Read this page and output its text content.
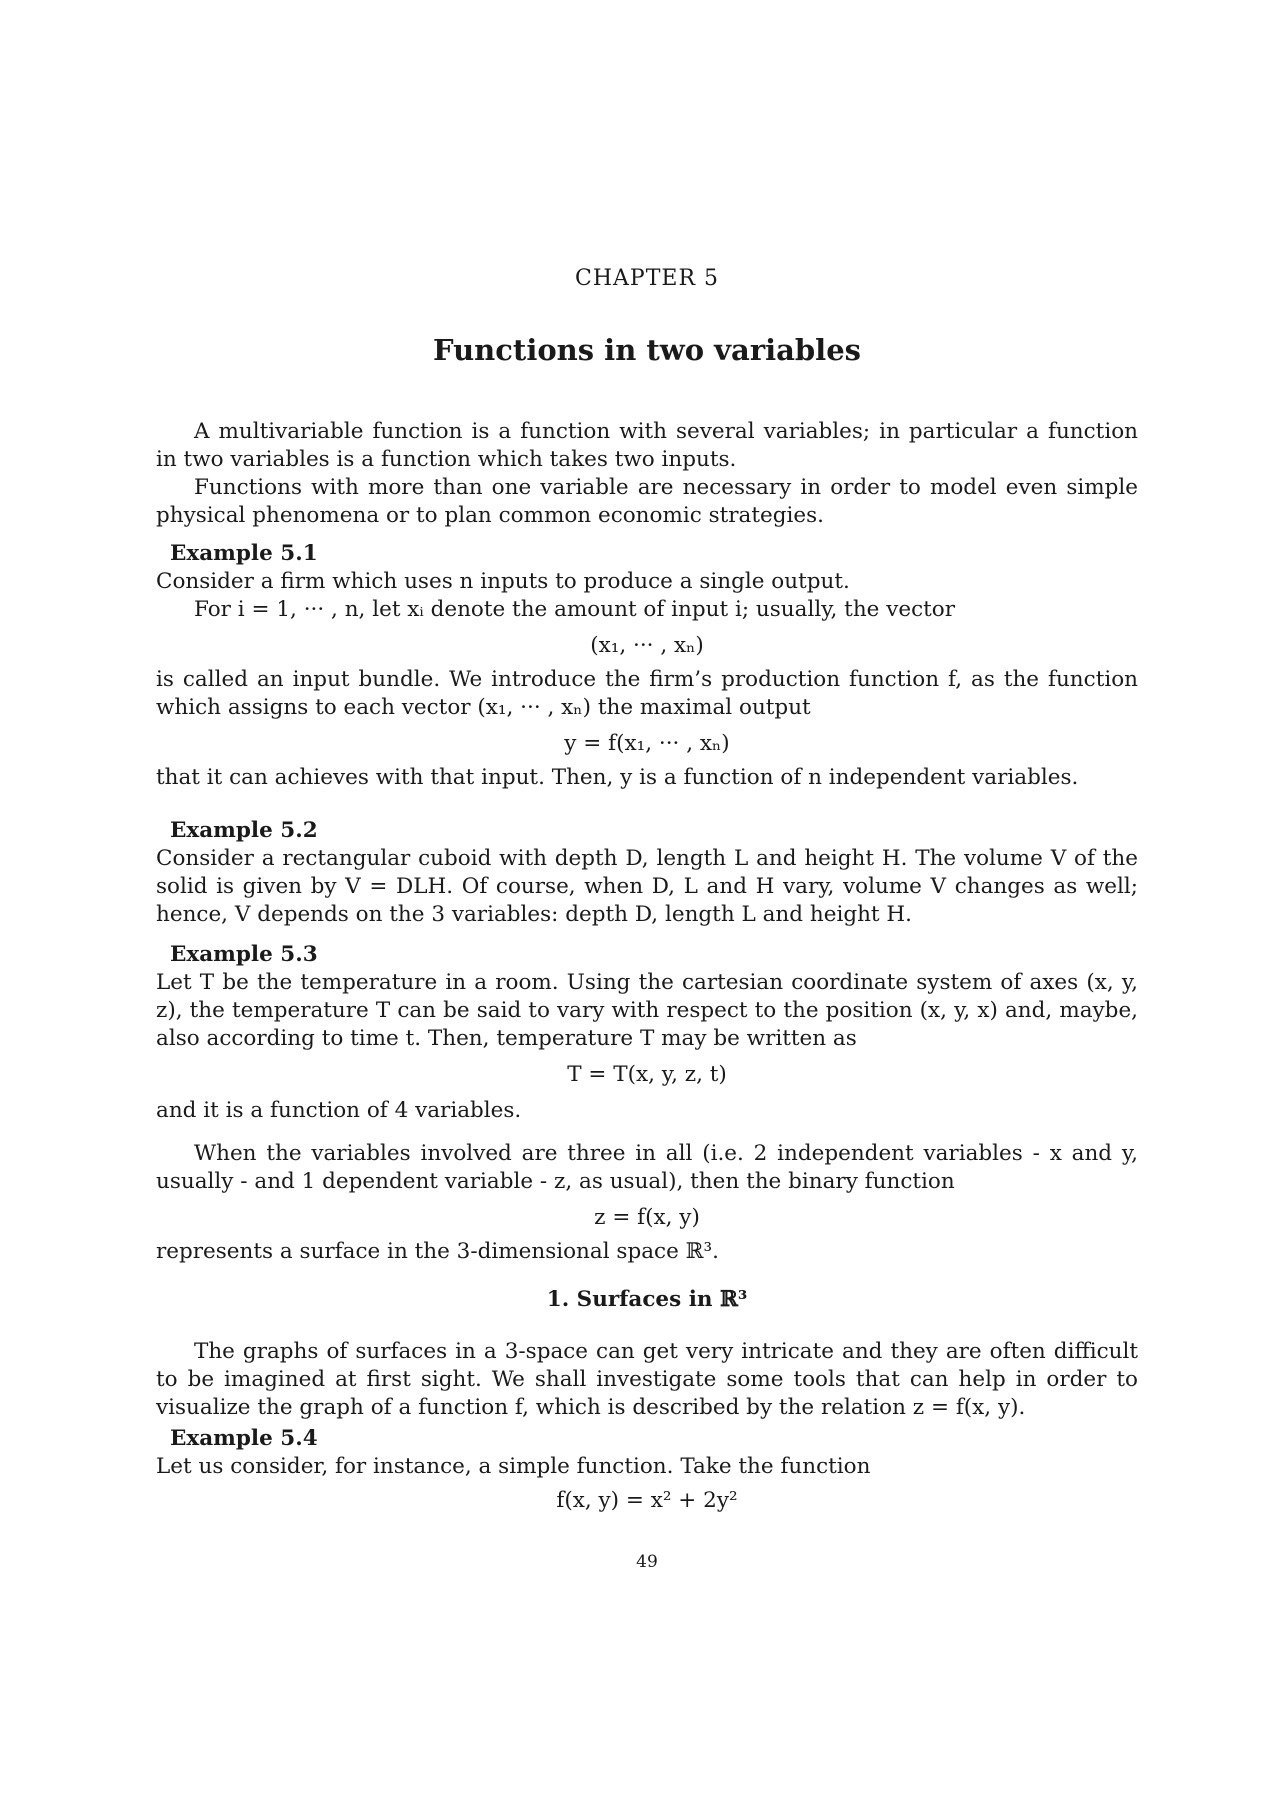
CHAPTER 5
Functions in two variables

A multivariable function is a function with several variables; in particular a function in two variables is a function which takes two inputs.

Functions with more than one variable are necessary in order to model even simple physical phenomena or to plan common economic strategies.

Example 5.1

Consider a firm which uses n inputs to produce a single output.

For i = 1, ··· , n, let xᵢ denote the amount of input i; usually, the vector

(x₁, ··· , xₙ)

is called an input bundle. We introduce the firm’s production function f, as the function which assigns to each vector (x₁, ··· , xₙ) the maximal output

y = f(x₁, ··· , xₙ)

that it can achieves with that input. Then, y is a function of n independent variables.

Example 5.2

Consider a rectangular cuboid with depth D, length L and height H. The volume V of the solid is given by V = DLH. Of course, when D, L and H vary, volume V changes as well; hence, V depends on the 3 variables: depth D, length L and height H.

Example 5.3

Let T be the temperature in a room. Using the cartesian coordinate system of axes (x, y, z), the temperature T can be said to vary with respect to the position (x, y, x) and, maybe, also according to time t. Then, temperature T may be written as

T = T(x, y, z, t)

and it is a function of 4 variables.

When the variables involved are three in all (i.e. 2 independent variables - x and y, usually - and 1 dependent variable - z, as usual), then the binary function

z = f(x, y)

represents a surface in the 3-dimensional space ℝ³.

1. Surfaces in ℝ³

The graphs of surfaces in a 3-space can get very intricate and they are often difficult to be imagined at first sight. We shall investigate some tools that can help in order to visualize the graph of a function f, which is described by the relation z = f(x, y).

Example 5.4

Let us consider, for instance, a simple function. Take the function

f(x, y) = x² + 2y²
49
